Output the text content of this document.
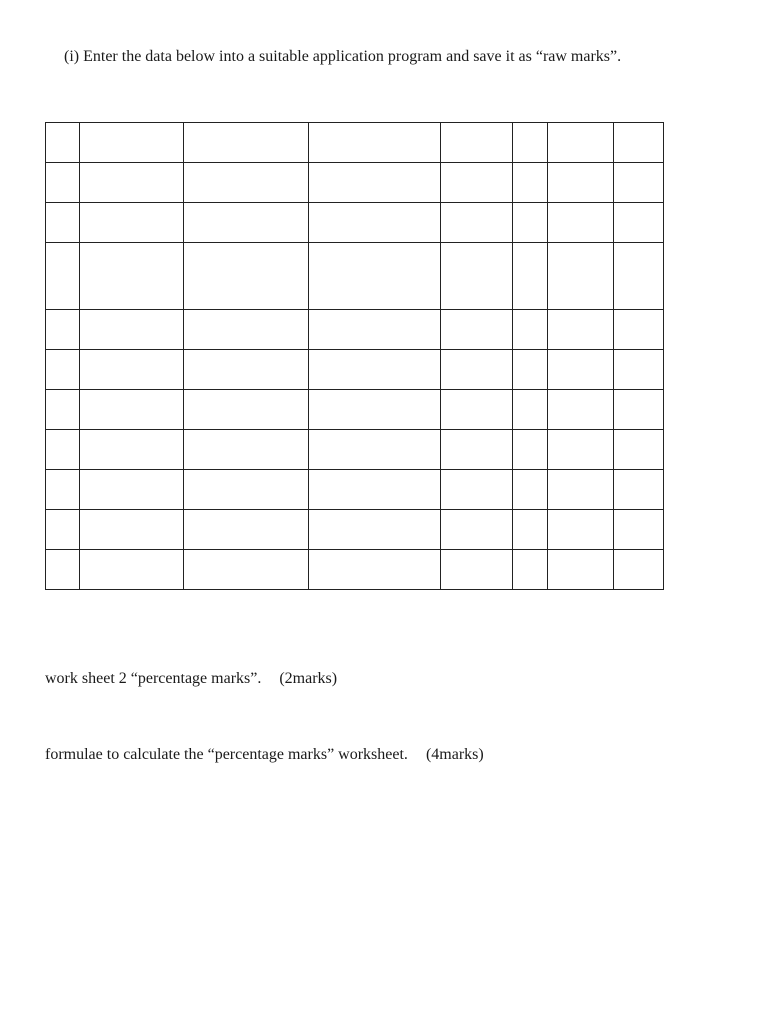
(i) Enter the data below into a suitable application program and save it as “raw marks”.

work sheet 2 “percentage marks”. (2marks)
formulae to calculate the “percentage marks” worksheet. (4marks)
